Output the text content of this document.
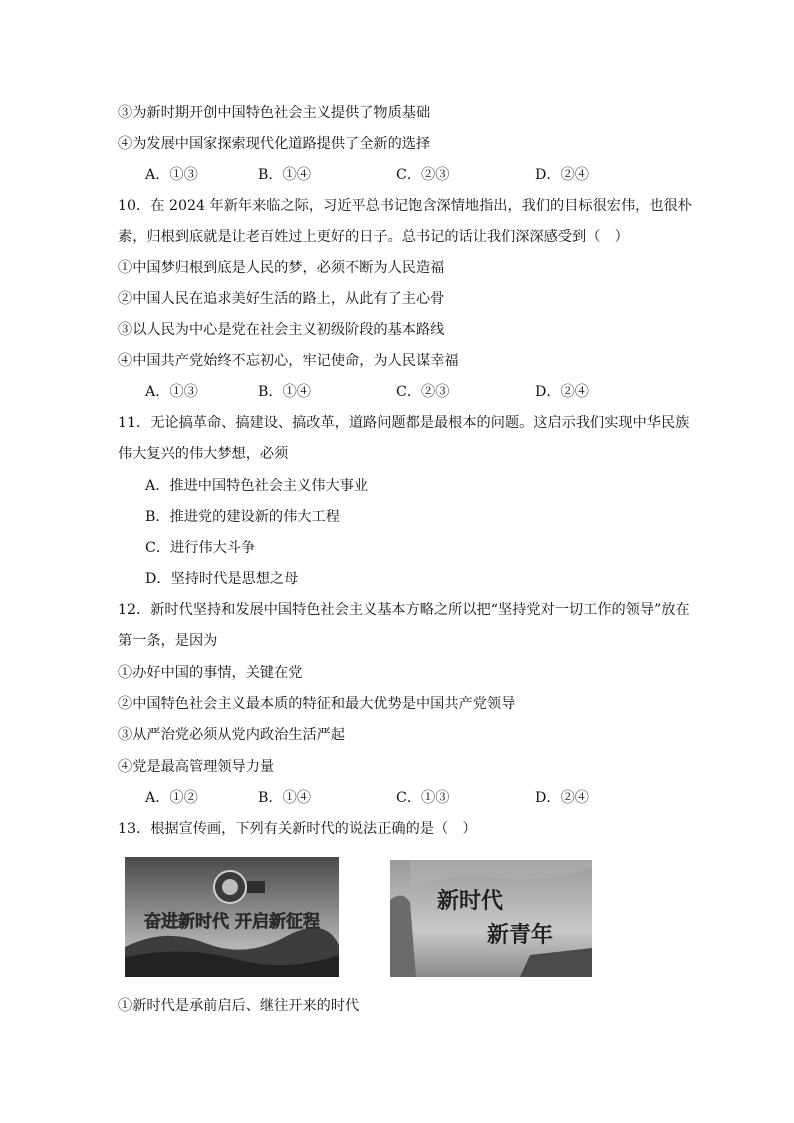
③为新时期开创中国特色社会主义提供了物质基础
④为发展中国家探索现代化道路提供了全新的选择
A．①③	B．①④	C．②③	D．②④
10．在 2024 年新年来临之际，习近平总书记饱含深情地指出，我们的目标很宏伟，也很朴
素，归根到底就是让老百姓过上更好的日子。总书记的话让我们深深感受到（　）
①中国梦归根到底是人民的梦，必须不断为人民造福
②中国人民在追求美好生活的路上，从此有了主心骨
③以人民为中心是党在社会主义初级阶段的基本路线
④中国共产党始终不忘初心，牢记使命，为人民谋幸福
A．①③	B．①④	C．②③	D．②④
11．无论搞革命、搞建设、搞改革，道路问题都是最根本的问题。这启示我们实现中华民族
伟大复兴的伟大梦想，必须
A．推进中国特色社会主义伟大事业
B．推进党的建设新的伟大工程
C．进行伟大斗争
D．坚持时代是思想之母
12．新时代坚持和发展中国特色社会主义基本方略之所以把“坚持党对一切工作的领导”放在
第一条，是因为
①办好中国的事情，关键在党
②中国特色社会主义最本质的特征和最大优势是中国共产党领导
③从严治党必须从党内政治生活严起
④党是最高管理领导力量
A．①②	B．①④	C．①③	D．②④
13．根据宣传画，下列有关新时代的说法正确的是（　）
奋进新时代 开启新征程
新时代
新青年
①新时代是承前启后、继往开来的时代
